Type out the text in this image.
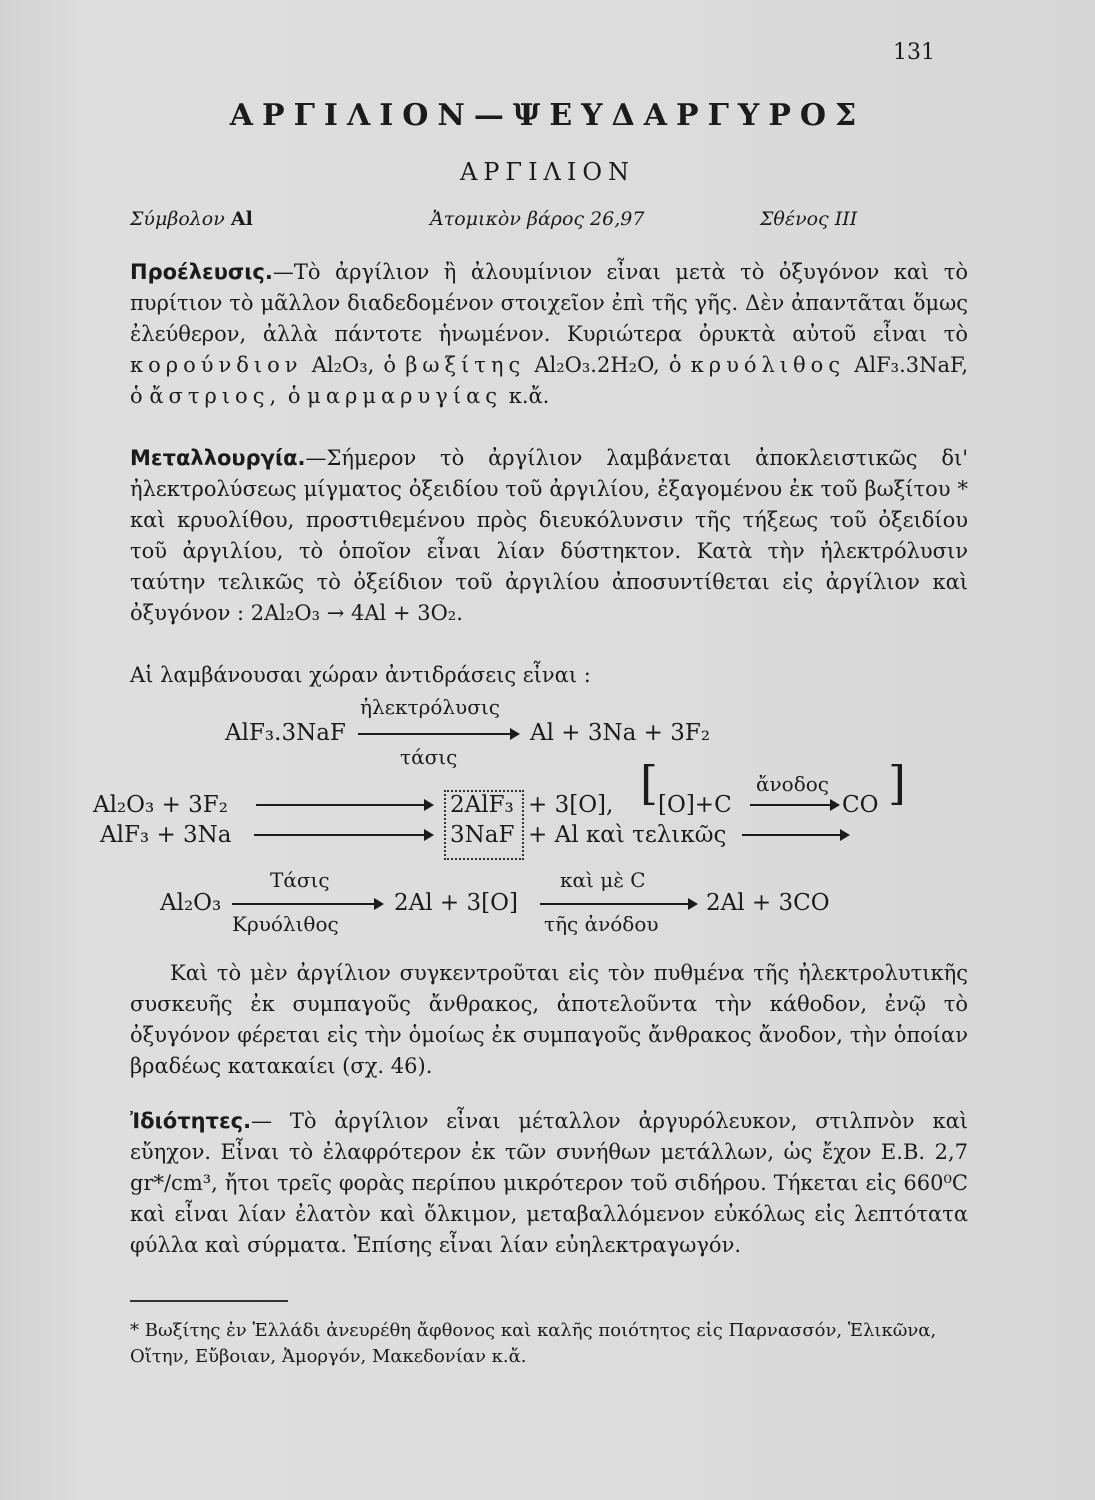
131
ΑΡΓΙΛΙΟΝ—ΨΕΥΔΑΡΓΥΡΟΣ
ΑΡΓΙΛΙΟΝ
Σύμβολον Al	Ἀτομικὸν βάρος 26,97	Σθένος III
Προέλευσις.—Τὸ ἀργίλιον ἢ ἀλουμίνιον εἶναι μετὰ τὸ ὀξυγόνον καὶ τὸ πυρίτιον τὸ μᾶλλον διαδεδομένον στοιχεῖον ἐπὶ τῆς γῆς. Δὲν ἀπαντᾶται ὅμως ἐλεύθερον, ἀλλὰ πάντοτε ἡνωμένον. Κυριώτερα ὀρυκτὰ αὐτοῦ εἶναι τὸ κορούνδιον Al₂O₃, ὁ βωξίτης Al₂O₃.2H₂O, ὁ κρυόλιθος AlF₃.3NaF, ὁ ἄστριος, ὁ μαρμαρυγίας κ.ἄ.
Μεταλλουργία.—Σήμερον τὸ ἀργίλιον λαμβάνεται ἀποκλειστικῶς δι' ἠλεκτρολύσεως μίγματος ὀξειδίου τοῦ ἀργιλίου, ἐξαγομένου ἐκ τοῦ βωξίτου * καὶ κρυολίθου, προστιθεμένου πρὸς διευκόλυνσιν τῆς τήξεως τοῦ ὀξειδίου τοῦ ἀργιλίου, τὸ ὁποῖον εἶναι λίαν δύστηκτον. Κατὰ τὴν ἠλεκτρόλυσιν ταύτην τελικῶς τὸ ὀξείδιον τοῦ ἀργιλίου ἀποσυντίθεται εἰς ἀργίλιον καὶ ὀξυγόνον : 2Al₂O₃ → 4Al + 3O₂.
Αἱ λαμβάνουσαι χώραν ἀντιδράσεις εἶναι :
AlF₃.3NaF
ἠλεκτρόλυσις
τάσις
Al + 3Na + 3F₂
Al₂O₃ + 3F₂	2AlF₃ + 3[O], [ [O]+C
ἄνοδος
CO ]
AlF₃ + 3Na	3NaF + Al καὶ τελικῶς
Al₂O₃
Τάσις
Κρυόλιθος
2Al + 3[O]
καὶ μὲ C
τῆς ἀνόδου
2Al + 3CO
Καὶ τὸ μὲν ἀργίλιον συγκεντροῦται εἰς τὸν πυθμένα τῆς ἠλεκτρολυτικῆς συσκευῆς ἐκ συμπαγοῦς ἄνθρακος, ἀποτελοῦντα τὴν κάθοδον, ἐνῷ τὸ ὀξυγόνον φέρεται εἰς τὴν ὁμοίως ἐκ συμπαγοῦς ἄνθρακος ἄνοδον, τὴν ὁποίαν βραδέως κατακαίει (σχ. 46).
Ἰδιότητες.— Τὸ ἀργίλιον εἶναι μέταλλον ἀργυρόλευκον, στιλπνὸν καὶ εὔηχον. Εἶναι τὸ ἐλαφρότερον ἐκ τῶν συνήθων μετάλλων, ὡς ἔχον Ε.Β. 2,7 gr*/cm³, ἤτοι τρεῖς φορὰς περίπου μικρότερον τοῦ σιδήρου. Τήκεται εἰς 660⁰C καὶ εἶναι λίαν ἐλατὸν καὶ ὄλκιμον, μεταβαλλόμενον εὐκόλως εἰς λεπτότατα φύλλα καὶ σύρματα. Ἐπίσης εἶναι λίαν εὐηλεκτραγωγόν.
* Βωξίτης ἐν Ἑλλάδι ἀνευρέθη ἄφθονος καὶ καλῆς ποιότητος εἰς Παρνασσόν, Ἑλικῶνα, Οἴτην, Εὔβοιαν, Ἀμοργόν, Μακεδονίαν κ.ἄ.
